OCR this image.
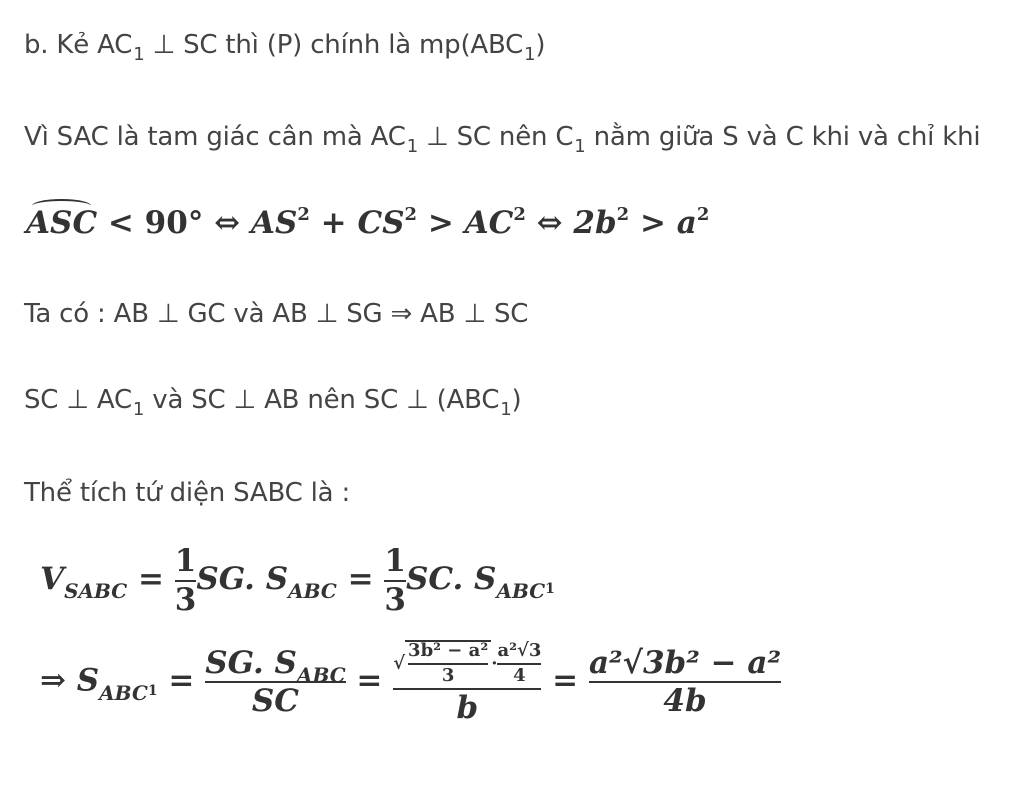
b. Kẻ $AC_1$ ⊥ SC thì (P) chính là $mp(ABC_1)$
Vì SAC là tam giác cân mà $AC_1$ ⊥ SC nên $C_1$ nằm giữa S và C khi và chỉ khi
ASC < 90° ⇔ $AS^2 + CS^2 > AC^2$ ⇔ $2b^2 > a^2$
Ta có : AB ⊥ GC và AB ⊥ SG ⇒ AB ⊥ SC
SC ⊥ $AC_1$ và SC ⊥ AB nên SC ⊥ $(ABC_1)$
Thể tích tứ diện SABC là :
$V_{SABC} = \frac{1}{3}$ SG. $S_{ABC} = \frac{1}{3}$ SC. $S_{ABC}1$
⇒ $S_{ABC}1 = \frac{SG. S_{ABC}}{SC} = \frac{√ \frac{\text{3b² − a²}}{3} \cdot \frac{\text{a²√3}}{4}}{b} = \frac{\text{a²√3b² − a²}}{4b}$
